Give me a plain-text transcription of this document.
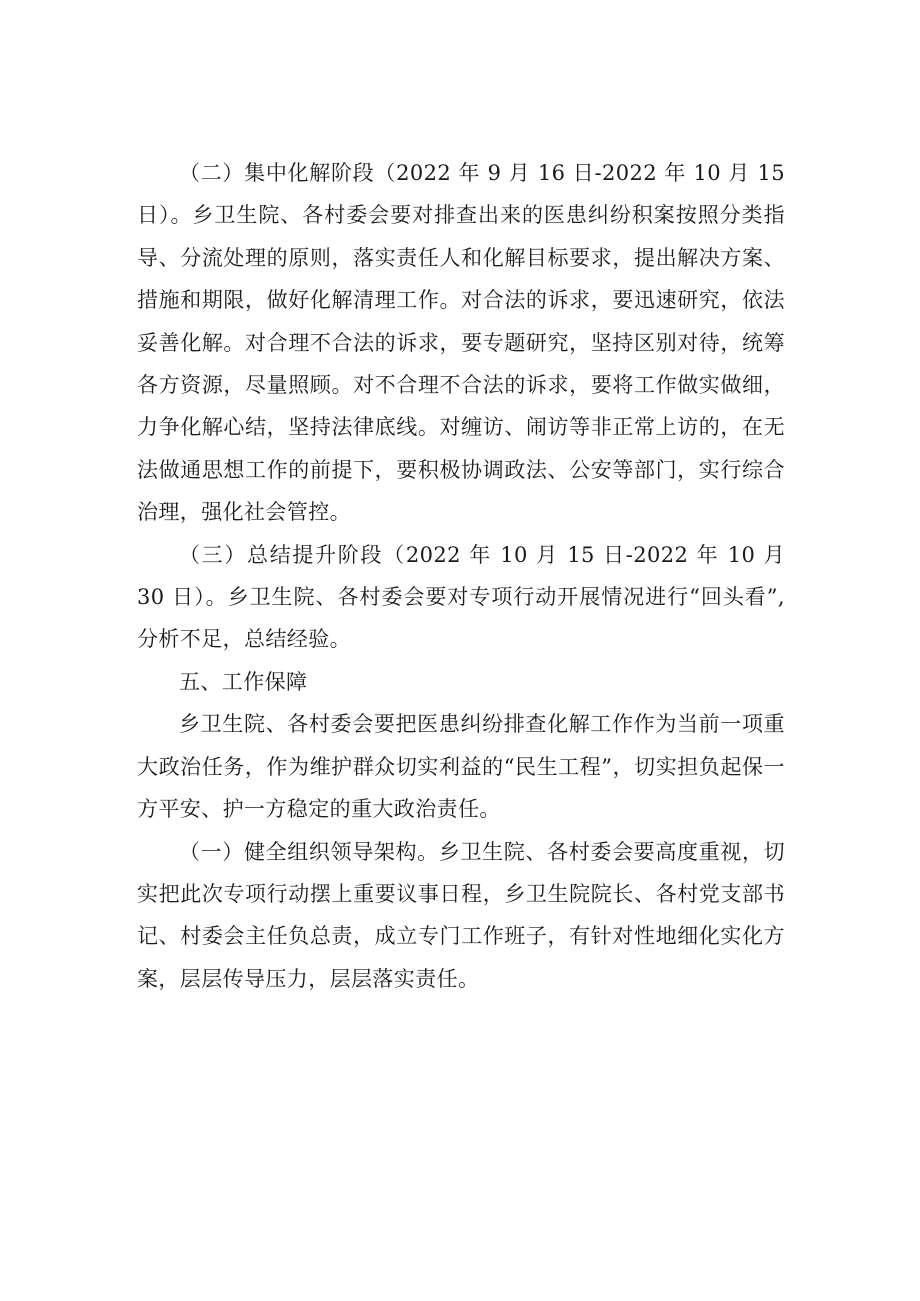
（二）集中化解阶段（2022 年 9 月 16 日-2022 年 10 月 15 日）。乡卫生院、各村委会要对排查出来的医患纠纷积案按照分类指导、分流处理的原则，落实责任人和化解目标要求，提出解决方案、措施和期限，做好化解清理工作。对合法的诉求，要迅速研究，依法妥善化解。对合理不合法的诉求，要专题研究，坚持区别对待，统筹各方资源，尽量照顾。对不合理不合法的诉求，要将工作做实做细，力争化解心结，坚持法律底线。对缠访、闹访等非正常上访的，在无法做通思想工作的前提下，要积极协调政法、公安等部门，实行综合治理，强化社会管控。

（三）总结提升阶段（2022 年 10 月 15 日-2022 年 10 月 30 日）。乡卫生院、各村委会要对专项行动开展情况进行“回头看”,分析不足，总结经验。

五、工作保障

乡卫生院、各村委会要把医患纠纷排查化解工作作为当前一项重大政治任务，作为维护群众切实利益的“民生工程”，切实担负起保一方平安、护一方稳定的重大政治责任。

（一）健全组织领导架构。乡卫生院、各村委会要高度重视，切实把此次专项行动摆上重要议事日程，乡卫生院院长、各村党支部书记、村委会主任负总责，成立专门工作班子，有针对性地细化实化方案，层层传导压力，层层落实责任。
